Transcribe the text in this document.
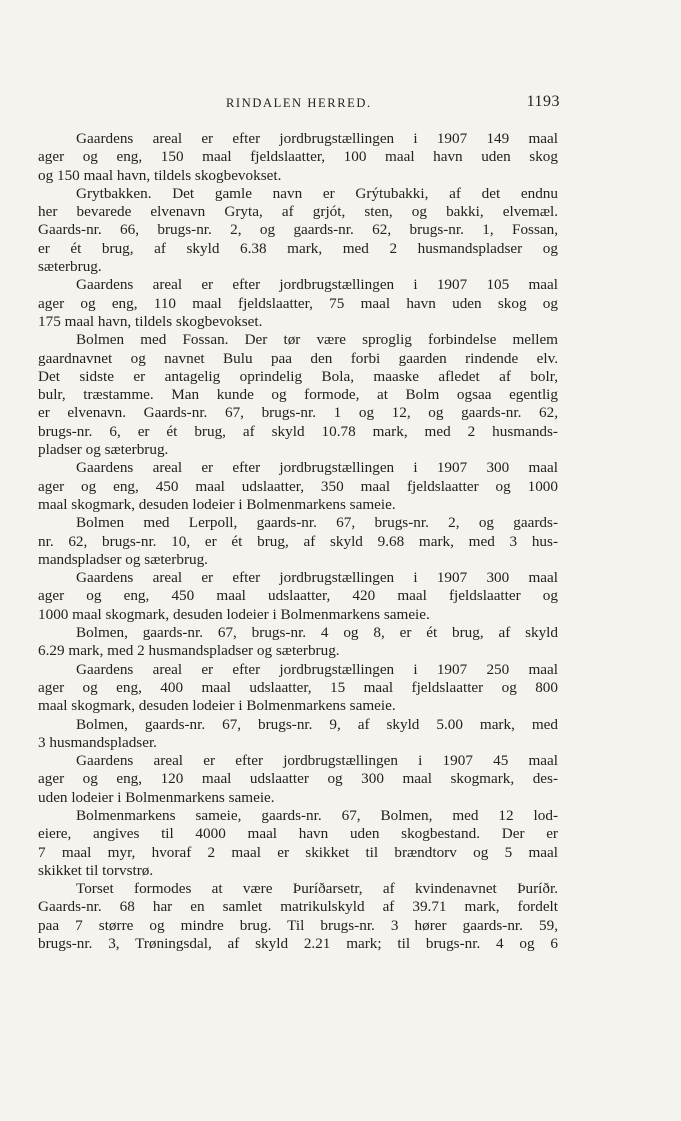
RINDALEN HERRED.	1193
Gaardens areal er efter jordbrugstællingen i 1907 149 maal
ager og eng, 150 maal fjeldslaatter, 100 maal havn uden skog
og 150 maal havn, tildels skogbevokset.
Grytbakken. Det gamle navn er Grýtubakki, af det endnu
her bevarede elvenavn Gryta, af grjót, sten, og bakki, elvemæl.
Gaards-nr. 66, brugs-nr. 2, og gaards-nr. 62, brugs-nr. 1, Fossan,
er ét brug, af skyld 6.38 mark, med 2 husmandspladser og
sæterbrug.
Gaardens areal er efter jordbrugstællingen i 1907 105 maal
ager og eng, 110 maal fjeldslaatter, 75 maal havn uden skog og
175 maal havn, tildels skogbevokset.
Bolmen med Fossan. Der tør være sproglig forbindelse mellem
gaardnavnet og navnet Bulu paa den forbi gaarden rindende elv.
Det sidste er antagelig oprindelig Bola, maaske afledet af bolr,
bulr, træstamme. Man kunde og formode, at Bolm ogsaa egentlig
er elvenavn. Gaards-nr. 67, brugs-nr. 1 og 12, og gaards-nr. 62,
brugs-nr. 6, er ét brug, af skyld 10.78 mark, med 2 husmands-
pladser og sæterbrug.
Gaardens areal er efter jordbrugstællingen i 1907 300 maal
ager og eng, 450 maal udslaatter, 350 maal fjeldslaatter og 1000
maal skogmark, desuden lodeier i Bolmenmarkens sameie.
Bolmen med Lerpoll, gaards-nr. 67, brugs-nr. 2, og gaards-
nr. 62, brugs-nr. 10, er ét brug, af skyld 9.68 mark, med 3 hus-
mandspladser og sæterbrug.
Gaardens areal er efter jordbrugstællingen i 1907 300 maal
ager og eng, 450 maal udslaatter, 420 maal fjeldslaatter og
1000 maal skogmark, desuden lodeier i Bolmenmarkens sameie.
Bolmen, gaards-nr. 67, brugs-nr. 4 og 8, er ét brug, af skyld
6.29 mark, med 2 husmandspladser og sæterbrug.
Gaardens areal er efter jordbrugstællingen i 1907 250 maal
ager og eng, 400 maal udslaatter, 15 maal fjeldslaatter og 800
maal skogmark, desuden lodeier i Bolmenmarkens sameie.
Bolmen, gaards-nr. 67, brugs-nr. 9, af skyld 5.00 mark, med
3 husmandspladser.
Gaardens areal er efter jordbrugstællingen i 1907 45 maal
ager og eng, 120 maal udslaatter og 300 maal skogmark, des-
uden lodeier i Bolmenmarkens sameie.
Bolmenmarkens sameie, gaards-nr. 67, Bolmen, med 12 lod-
eiere, angives til 4000 maal havn uden skogbestand. Der er
7 maal myr, hvoraf 2 maal er skikket til brændtorv og 5 maal
skikket til torvstrø.
Torset formodes at være Þuríðarsetr, af kvindenavnet Þuríðr.
Gaards-nr. 68 har en samlet matrikulskyld af 39.71 mark, fordelt
paa 7 større og mindre brug. Til brugs-nr. 3 hører gaards-nr. 59,
brugs-nr. 3, Trøningsdal, af skyld 2.21 mark; til brugs-nr. 4 og 6
